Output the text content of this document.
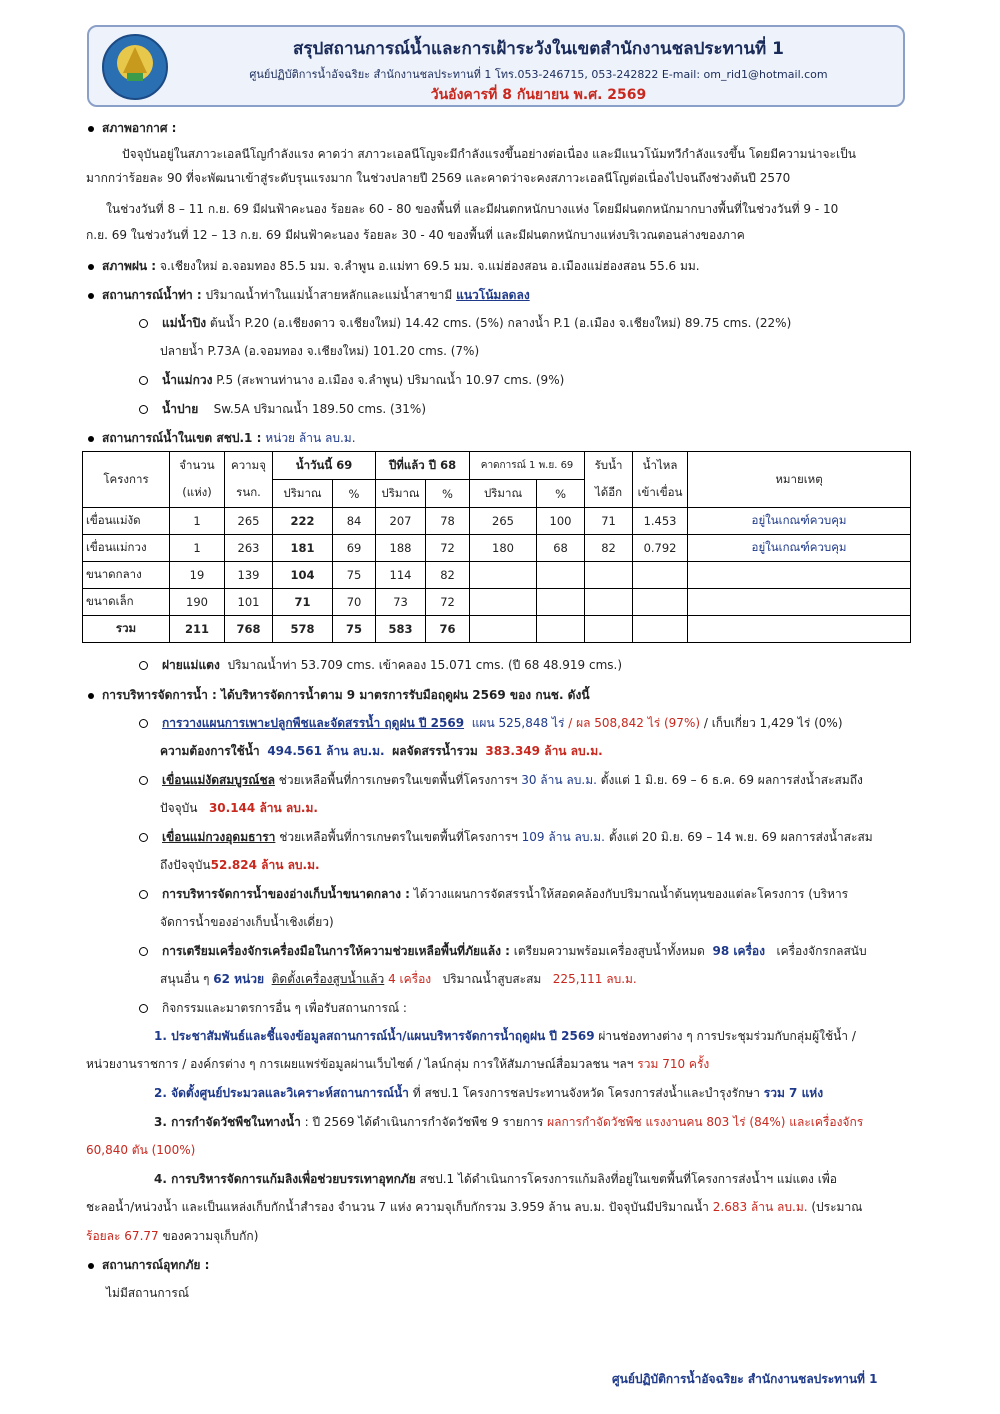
สรุปสถานการณ์น้ำและการเฝ้าระวังในเขตสำนักงานชลประทานที่ 1
ศูนย์ปฏิบัติการน้ำอัจฉริยะ สำนักงานชลประทานที่ 1 โทร.053-246715, 053-242822 E-mail: om_rid1@hotmail.com
วันอังคารที่ 8 กันยายน พ.ศ. 2569
สภาพอากาศ :
ปัจจุบันอยู่ในสภาวะเอลนีโญกำลังแรง คาดว่า สภาวะเอลนีโญจะมีกำลังแรงขึ้นอย่างต่อเนื่อง และมีแนวโน้มทวีกำลังแรงขึ้น โดยมีความน่าจะเป็น
มากกว่าร้อยละ 90 ที่จะพัฒนาเข้าสู่ระดับรุนแรงมาก ในช่วงปลายปี 2569 และคาดว่าจะคงสภาวะเอลนีโญต่อเนื่องไปจนถึงช่วงต้นปี 2570
ในช่วงวันที่ 8 – 11 ก.ย. 69 มีฝนฟ้าคะนอง ร้อยละ 60 - 80 ของพื้นที่ และมีฝนตกหนักบางแห่ง โดยมีฝนตกหนักมากบางพื้นที่ในช่วงวันที่ 9 - 10
ก.ย. 69 ในช่วงวันที่ 12 – 13 ก.ย. 69 มีฝนฟ้าคะนอง ร้อยละ 30 - 40 ของพื้นที่ และมีฝนตกหนักบางแห่งบริเวณตอนล่างของภาค
สภาพฝน : จ.เชียงใหม่ อ.จอมทอง 85.5 มม. จ.ลำพูน อ.แม่ทา 69.5 มม. จ.แม่ฮ่องสอน อ.เมืองแม่ฮ่องสอน 55.6 มม.
สถานการณ์น้ำท่า : ปริมาณน้ำท่าในแม่น้ำสายหลักและแม่น้ำสาขามี แนวโน้มลดลง
แม่น้ำปิง ต้นน้ำ P.20 (อ.เชียงดาว จ.เชียงใหม่) 14.42 cms. (5%) กลางน้ำ P.1 (อ.เมือง จ.เชียงใหม่) 89.75 cms. (22%)
ปลายน้ำ P.73A (อ.จอมทอง จ.เชียงใหม่) 101.20 cms. (7%)
น้ำแม่กวง P.5 (สะพานท่านาง อ.เมือง จ.ลำพูน) ปริมาณน้ำ 10.97 cms. (9%)
น้ำปาย Sw.5A ปริมาณน้ำ 189.50 cms. (31%)
สถานการณ์น้ำในเขต สชป.1 : หน่วย ล้าน ลบ.ม.
โครงการ	จำนวน	ความจุ	น้ำวันนี้ 69		ปีที่แล้ว ปี 68		คาดการณ์ 1 พ.ย. 69		รับน้ำ	น้ำไหล	หมายเหตุ
	(แห่ง)	รนก.	ปริมาณ	%	ปริมาณ	%	ปริมาณ	%	ได้อีก	เข้าเขื่อน	
เขื่อนแม่งัด	1	265	222	84	207	78	265	100	71	1.453	อยู่ในเกณฑ์ควบคุม
เขื่อนแม่กวง	1	263	181	69	188	72	180	68	82	0.792	อยู่ในเกณฑ์ควบคุม
ขนาดกลาง	19	139	104	75	114	82					
ขนาดเล็ก	190	101	71	70	73	72					
รวม	211	768	578	75	583	76					
ฝายแม่แตง ปริมาณน้ำท่า 53.709 cms. เข้าคลอง 15.071 cms. (ปี 68 48.919 cms.)
การบริหารจัดการน้ำ : ได้บริหารจัดการน้ำตาม 9 มาตรการรับมือฤดูฝน 2569 ของ กนช. ดังนี้
การวางแผนการเพาะปลูกพืชและจัดสรรน้ำ ฤดูฝน ปี 2569 แผน 525,848 ไร่ / ผล 508,842 ไร่ (97%) / เก็บเกี่ยว 1,429 ไร่ (0%)
ความต้องการใช้น้ำ 494.561 ล้าน ลบ.ม. ผลจัดสรรน้ำรวม 383.349 ล้าน ลบ.ม.
เขื่อนแม่งัดสมบูรณ์ชล ช่วยเหลือพื้นที่การเกษตรในเขตพื้นที่โครงการฯ 30 ล้าน ลบ.ม. ตั้งแต่ 1 มิ.ย. 69 – 6 ธ.ค. 69 ผลการส่งน้ำสะสมถึง
ปัจจุบัน 30.144 ล้าน ลบ.ม.
เขื่อนแม่กวงอุดมธารา ช่วยเหลือพื้นที่การเกษตรในเขตพื้นที่โครงการฯ 109 ล้าน ลบ.ม. ตั้งแต่ 20 มิ.ย. 69 – 14 พ.ย. 69 ผลการส่งน้ำสะสม
ถึงปัจจุบัน52.824 ล้าน ลบ.ม.
การบริหารจัดการน้ำของอ่างเก็บน้ำขนาดกลาง : ได้วางแผนการจัดสรรน้ำให้สอดคล้องกับปริมาณน้ำต้นทุนของแต่ละโครงการ (บริหาร
จัดการน้ำของอ่างเก็บน้ำเชิงเดี่ยว)
การเตรียมเครื่องจักรเครื่องมือในการให้ความช่วยเหลือพื้นที่ภัยแล้ง : เตรียมความพร้อมเครื่องสูบน้ำทั้งหมด 98 เครื่อง เครื่องจักรกลสนับ
สนุนอื่น ๆ 62 หน่วย ติดตั้งเครื่องสูบน้ำแล้ว 4 เครื่อง ปริมาณน้ำสูบสะสม 225,111 ลบ.ม.
กิจกรรมและมาตรการอื่น ๆ เพื่อรับสถานการณ์ :
1. ประชาสัมพันธ์และชี้แจงข้อมูลสถานการณ์น้ำ/แผนบริหารจัดการน้ำฤดูฝน ปี 2569 ผ่านช่องทางต่าง ๆ การประชุมร่วมกับกลุ่มผู้ใช้น้ำ /
หน่วยงานราชการ / องค์กรต่าง ๆ การเผยแพร่ข้อมูลผ่านเว็บไซต์ / ไลน์กลุ่ม การให้สัมภาษณ์สื่อมวลชน ฯลฯ รวม 710 ครั้ง
2. จัดตั้งศูนย์ประมวลและวิเคราะห์สถานการณ์น้ำ ที่ สชป.1 โครงการชลประทานจังหวัด โครงการส่งน้ำและบำรุงรักษา รวม 7 แห่ง
3. การกำจัดวัชพืชในทางน้ำ : ปี 2569 ได้ดำเนินการกำจัดวัชพืช 9 รายการ ผลการกำจัดวัชพืช แรงงานคน 803 ไร่ (84%) และเครื่องจักร
60,840 ตัน (100%)
4. การบริหารจัดการแก้มลิงเพื่อช่วยบรรเทาอุทกภัย สชป.1 ได้ดำเนินการโครงการแก้มลิงที่อยู่ในเขตพื้นที่โครงการส่งน้ำฯ แม่แตง เพื่อ
ชะลอน้ำ/หน่วงน้ำ และเป็นแหล่งเก็บกักน้ำสำรอง จำนวน 7 แห่ง ความจุเก็บกักรวม 3.959 ล้าน ลบ.ม. ปัจจุบันมีปริมาณน้ำ 2.683 ล้าน ลบ.ม. (ประมาณ
ร้อยละ 67.77 ของความจุเก็บกัก)
สถานการณ์อุทกภัย :
ไม่มีสถานการณ์
ศูนย์ปฏิบัติการน้ำอัจฉริยะ สำนักงานชลประทานที่ 1
